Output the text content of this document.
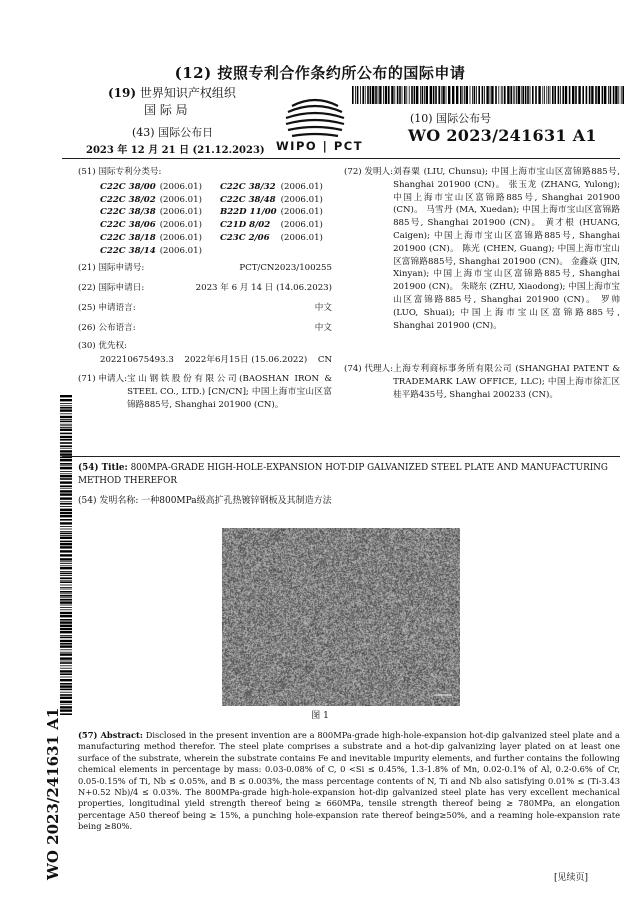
(12) 按照专利合作条约所公布的国际申请
(19) 世界知识产权组织
国 际 局
WIPO | PCT
(10) 国际公布号
WO 2023/241631 A1
(43) 国际公布日
2023 年 12 月 21 日 (21.12.2023)
(51) 国际专利分类号:
C22C 38/00	(2006.01)	C22C 38/32	(2006.01)
C22C 38/02	(2006.01)	C22C 38/48	(2006.01)
C22C 38/38	(2006.01)	B22D 11/00	(2006.01)
C22C 38/06	(2006.01)	C21D 8/02	(2006.01)
C22C 38/18	(2006.01)	C23C 2/06	(2006.01)
C22C 38/14	(2006.01)		
(21) 国际申请号:	PCT/CN2023/100255
(22) 国际申请日:	2023 年 6 月 14 日 (14.06.2023)
(25) 申请语言:	中文
(26) 公布语言:	中文
(30) 优先权:
202210675493.3 2022年6月15日 (15.06.2022) CN
(71) 申请人: 宝山钢铁股份有限公司(BAOSHAN IRON & STEEL CO., LTD.) [CN/CN]; 中国上海市宝山区富锦路885号, Shanghai 201900 (CN)。
(72) 发明人: 刘春粟 (LIU, Chunsu); 中国上海市宝山区富锦路885号, Shanghai 201900 (CN)。 张玉龙 (ZHANG, Yulong); 中国上海市宝山区富锦路885号, Shanghai 201900 (CN)。 马雪丹 (MA, Xuedan); 中国上海市宝山区富锦路885号, Shanghai 201900 (CN)。 黄才根 (HUANG, Caigen); 中国上海市宝山区富锦路885号, Shanghai 201900 (CN)。 陈光 (CHEN, Guang); 中国上海市宝山区富锦路885号, Shanghai 201900 (CN)。 金鑫焱 (JIN, Xinyan); 中国上海市宝山区富锦路885号, Shanghai 201900 (CN)。 朱晓东 (ZHU, Xiaodong); 中国上海市宝山区富锦路885号, Shanghai 201900 (CN)。 罗帅 (LUO, Shuai); 中国上海市宝山区富锦路885号, Shanghai 201900 (CN)。
(74) 代理人: 上海专利商标事务所有限公司 (SHANGHAI PATENT & TRADEMARK LAW OFFICE, LLC); 中国上海市徐汇区桂平路435号, Shanghai 200233 (CN)。
WO 2023/241631 A1
(54) Title: 800MPA-GRADE HIGH-HOLE-EXPANSION HOT-DIP GALVANIZED STEEL PLATE AND MANUFACTURING METHOD THEREFOR
(54) 发明名称: 一种800MPa级高扩孔热镀锌钢板及其制造方法
图 1
(57) Abstract: Disclosed in the present invention are a 800MPa-grade high-hole-expansion hot-dip galvanized steel plate and a manufacturing method therefor. The steel plate comprises a substrate and a hot-dip galvanizing layer plated on at least one surface of the substrate, wherein the substrate contains Fe and inevitable impurity elements, and further contains the following chemical elements in percentage by mass: 0.03-0.08% of C, 0 <Si ≤ 0.45%, 1.3-1.8% of Mn, 0.02-0.1% of Al, 0.2-0.6% of Cr, 0.05-0.15% of Ti, Nb ≤ 0.05%, and B ≤ 0.003%, the mass percentage contents of N, Ti and Nb also satisfying 0.01% ≤ (Ti-3.43 N+0.52 Nb)/4 ≤ 0.03%. The 800MPa-grade high-hole-expansion hot-dip galvanized steel plate has very excellent mechanical properties, longitudinal yield strength thereof being ≥ 660MPa, tensile strength thereof being ≥ 780MPa, an elongation percentage A50 thereof being ≥ 15%, a punching hole-expansion rate thereof being≥50%, and a reaming hole-expansion rate being ≥80%.
[见续页]
